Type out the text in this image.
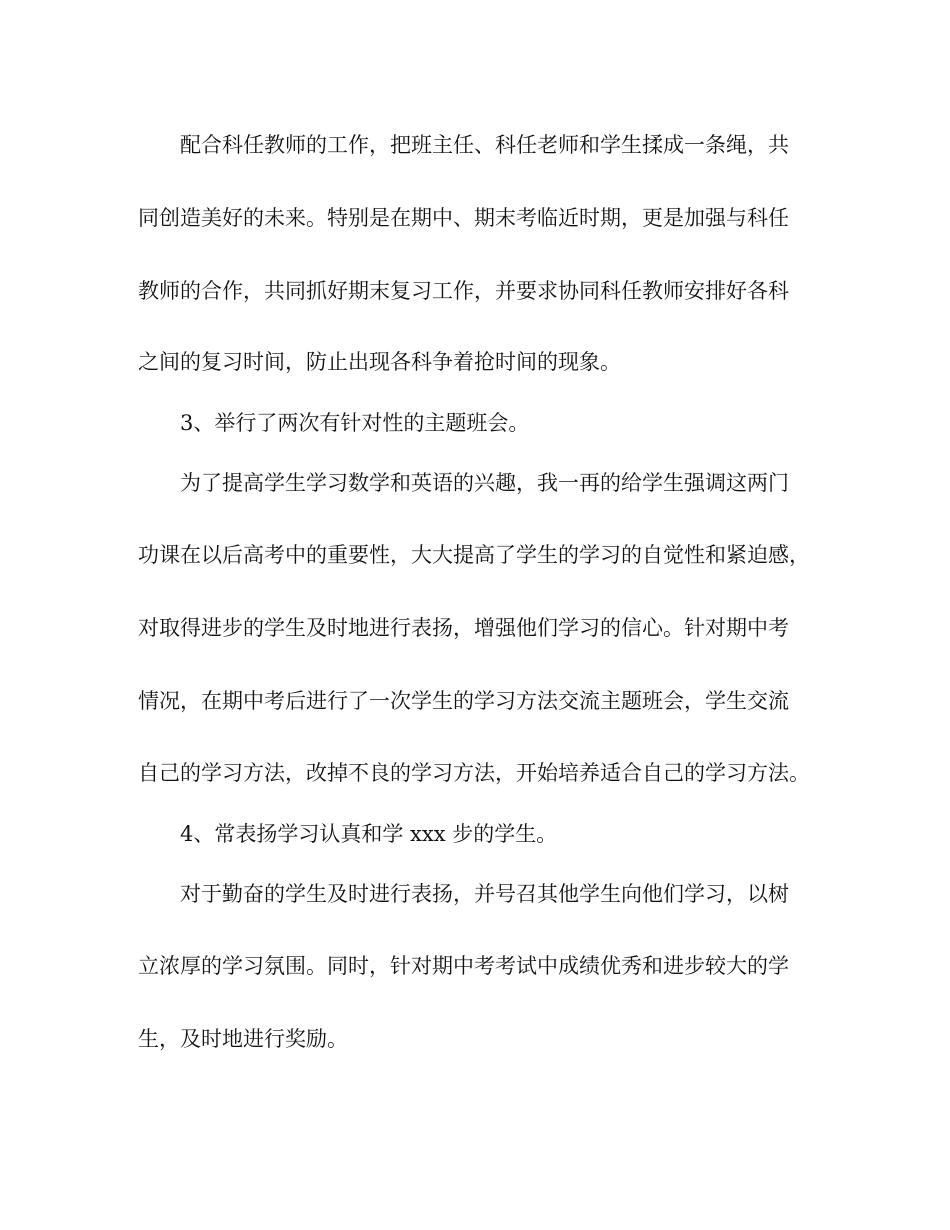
配合科任教师的工作，把班主任、科任老师和学生揉成一条绳，共
同创造美好的未来。特别是在期中、期末考临近时期，更是加强与科任
教师的合作，共同抓好期末复习工作，并要求协同科任教师安排好各科
之间的复习时间，防止出现各科争着抢时间的现象。
3、举行了两次有针对性的主题班会。
为了提高学生学习数学和英语的兴趣，我一再的给学生强调这两门
功课在以后高考中的重要性，大大提高了学生的学习的自觉性和紧迫感，
对取得进步的学生及时地进行表扬，增强他们学习的信心。针对期中考
情况，在期中考后进行了一次学生的学习方法交流主题班会，学生交流
自己的学习方法，改掉不良的学习方法，开始培养适合自己的学习方法。
4、常表扬学习认真和学 xxx 步的学生。
对于勤奋的学生及时进行表扬，并号召其他学生向他们学习，以树
立浓厚的学习氛围。同时，针对期中考考试中成绩优秀和进步较大的学
生，及时地进行奖励。
